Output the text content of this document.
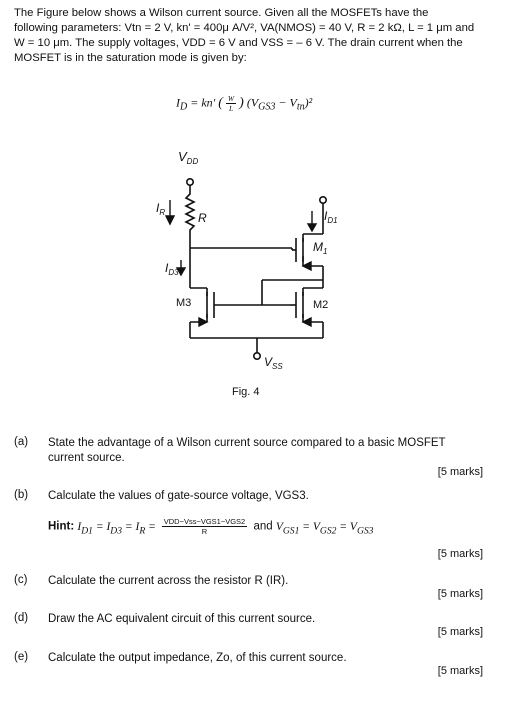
The Figure below shows a Wilson current source. Given all the MOSFETs have the
following parameters: Vtn = 2 V, kn' = 400μ A/V², VA(NMOS) = 40 V, R = 2 kΩ, L = 1 μm and
W = 10 μm. The supply voltages, VDD = 6 V and VSS = – 6 V. The drain current when the
MOSFET is in the saturation mode is given by:
$I_D = kn'$ ( $\frac{W}{L}$ ) $(V_{GS3} - V_{tn})^2$
$V_{DD}$
$I_R$	R	$I_{D1}$
$I_{D3}$
$M_1$
M2
M3
$V_{SS}$
Fig. 4
(a) State the advantage of a Wilson current source compared to a basic MOSFET
current source.
[5 marks]
(b) Calculate the values of gate-source voltage, VGS3.
Hint: $I_{D1} = I_{D3} = I_R = \frac{\text{VDD−Vss−VGS1−VGS2}}{R}$ and $V_{GS1} = V_{GS2} = V_{GS3}$
[5 marks]
(c) Calculate the current across the resistor R (IR).
[5 marks]
(d) Draw the AC equivalent circuit of this current source.
[5 marks]
(e) Calculate the output impedance, Zo, of this current source.
[5 marks]
